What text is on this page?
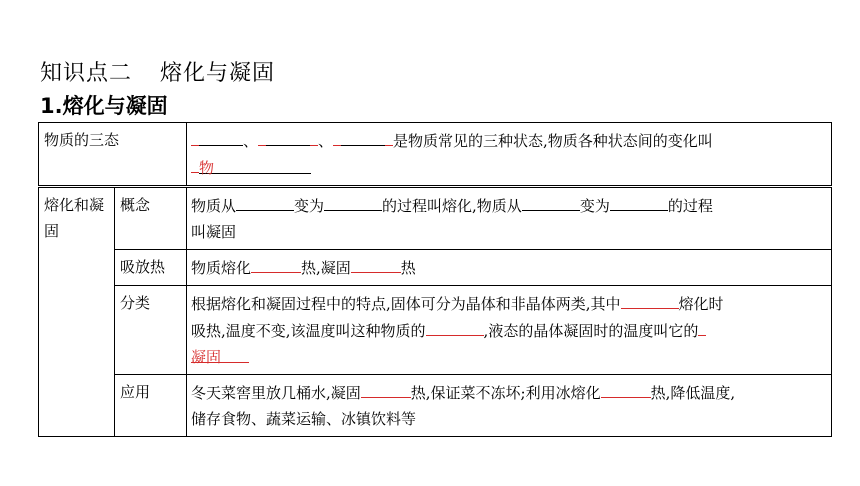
知识点二 熔化与凝固
1.熔化与凝固
物质的三态		、 、 是物质常见的三种状态,物质各种状态间的变化叫
物
熔化和凝固	概念	物质从 变为 的过程叫熔化,物质从 变为 的过程
叫凝固
	吸放热	物质熔化 热,凝固 热
	分类	根据熔化和凝固过程中的特点,固体可分为晶体和非晶体两类,其中 熔化时
吸热,温度不变,该温度叫这种物质的 ,液态的晶体凝固时的温度叫它的
凝固
	应用	冬天菜窖里放几桶水,凝固 热,保证菜不冻坏;利用冰熔化 热,降低温度,
储存食物、蔬菜运输、冰镇饮料等
